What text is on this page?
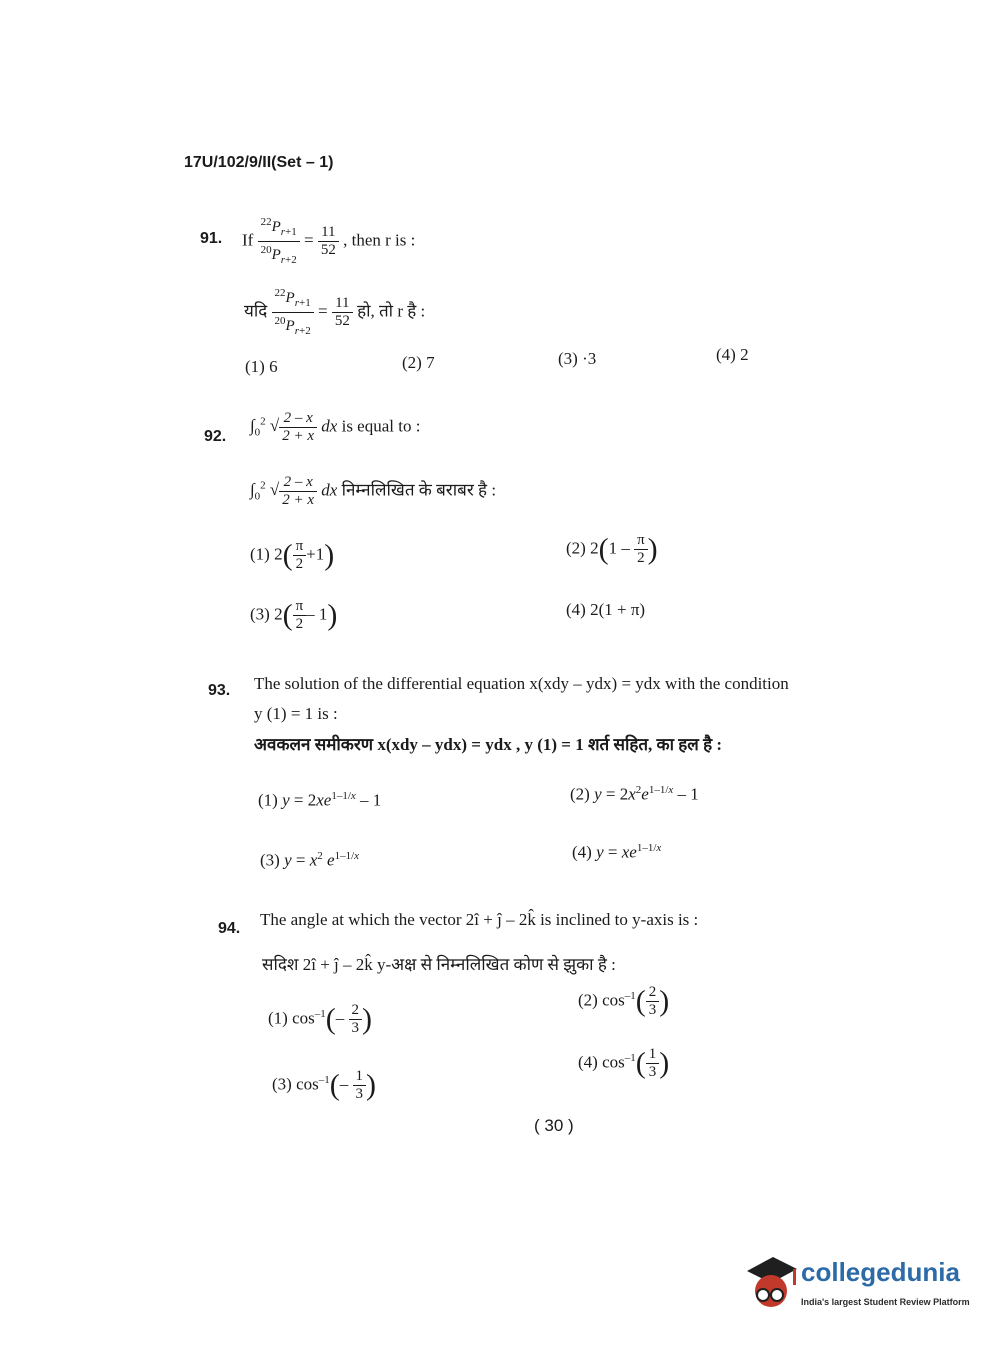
17U/102/9/II(Set – 1)
91. If $\frac{^{22}P_{r+1}}{^{20}P_{r+2}} = \frac{11}{52}$ , then r is :
यदि $\frac{^{22}P_{r+1}}{^{20}P_{r+2}} = \frac{11}{52}$ हो, तो r है :
(1) 6	(2) 7	(3) ·3	(4) 2
92.
$\int_0^2$ √ $\frac{2 - x}{2 + x}$ dx is equal to :
$\int_0^2$ √ $\frac{2 - x}{2 + x}$ dx निम्नलिखित के बराबर है :
(1) $2( \frac{\pi}{2} +1)$	(2) $2(1 - \frac{\pi}{2}$ )
(3) $2( \frac{\pi}{2} - 1)$	(4) 2(1 + π)
93. The solution of the differential equation x(xdy – ydx) = ydx with the condition
y (1) = 1 is :
अवकलन समीकरण x(xdy – ydx) = ydx , y (1) = 1 शर्त सहित, का हल है :
(1) $y = 2xe^{1-1/x} - 1$	(2) $y = 2x^2e^{1-1/x} - 1$
(3) $y = x^2$ $e^{1-1/x}$	(4) $y = xe^{1-1/x}$
94. The angle at which the vector 2î + ĵ – 2k̂ is inclined to y-axis is :
सदिश 2î + ĵ – 2k̂ y-अक्ष से निम्नलिखित कोण से झुका है :
(1) $\cos^{-1}(- \frac{2}{3}$ )
(2) $\cos^{-1}( \frac{2}{3}$ )
(3) $\cos^{-1}(- \frac{1}{3}$ )
(4) $\cos^{-1}( \frac{1}{3}$ )
( 30 )
collegedunia
India's largest Student Review Platform
